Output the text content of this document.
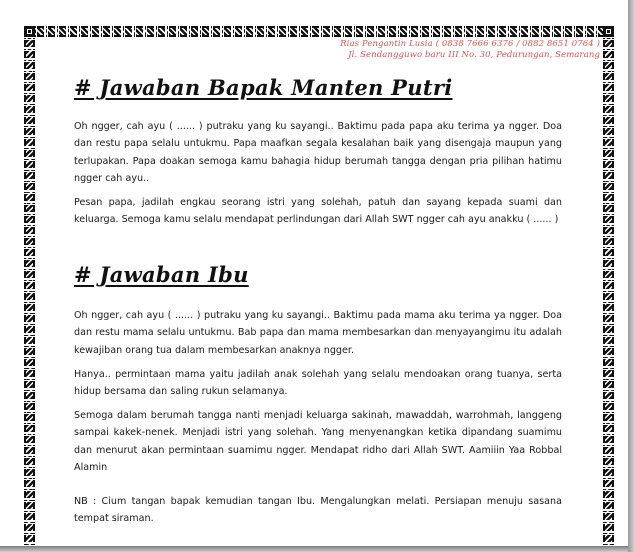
Rias Pengantin Lusia ( 0838 7666 6376 / 0882 8651 0764 )
Jl. Sendangguwo baru III No. 30, Pedurungan, Semarang
# Jawaban Bapak Manten Putri

Oh ngger, cah ayu ( ...... ) putraku yang ku sayangi.. Baktimu pada papa aku terima ya ngger. Doa dan restu papa selalu untukmu. Papa maafkan segala kesalahan baik yang disengaja maupun yang terlupakan. Papa doakan semoga kamu bahagia hidup berumah tangga dengan pria pilihan hatimu ngger cah ayu..

Pesan papa, jadilah engkau seorang istri yang solehah, patuh dan sayang kepada suami dan keluarga. Semoga kamu selalu mendapat perlindungan dari Allah SWT ngger cah ayu anakku ( ...... )

# Jawaban Ibu

Oh ngger, cah ayu ( ...... ) putraku yang ku sayangi.. Baktimu pada mama aku terima ya ngger. Doa dan restu mama selalu untukmu. Bab papa dan mama membesarkan dan menyayangimu itu adalah kewajiban orang tua dalam membesarkan anaknya ngger.

Hanya.. permintaan mama yaitu jadilah anak solehah yang selalu mendoakan orang tuanya, serta hidup bersama dan saling rukun selamanya.

Semoga dalam berumah tangga nanti menjadi keluarga sakinah, mawaddah, warrohmah, langgeng sampai kakek-nenek. Menjadi istri yang solehah. Yang menyenangkan ketika dipandang suamimu dan menurut akan permintaan suamimu ngger. Mendapat ridho dari Allah SWT. Aamiiin Yaa Robbal Alamin

NB : Cium tangan bapak kemudian tangan Ibu. Mengalungkan melati. Persiapan menuju sasana tempat siraman.
